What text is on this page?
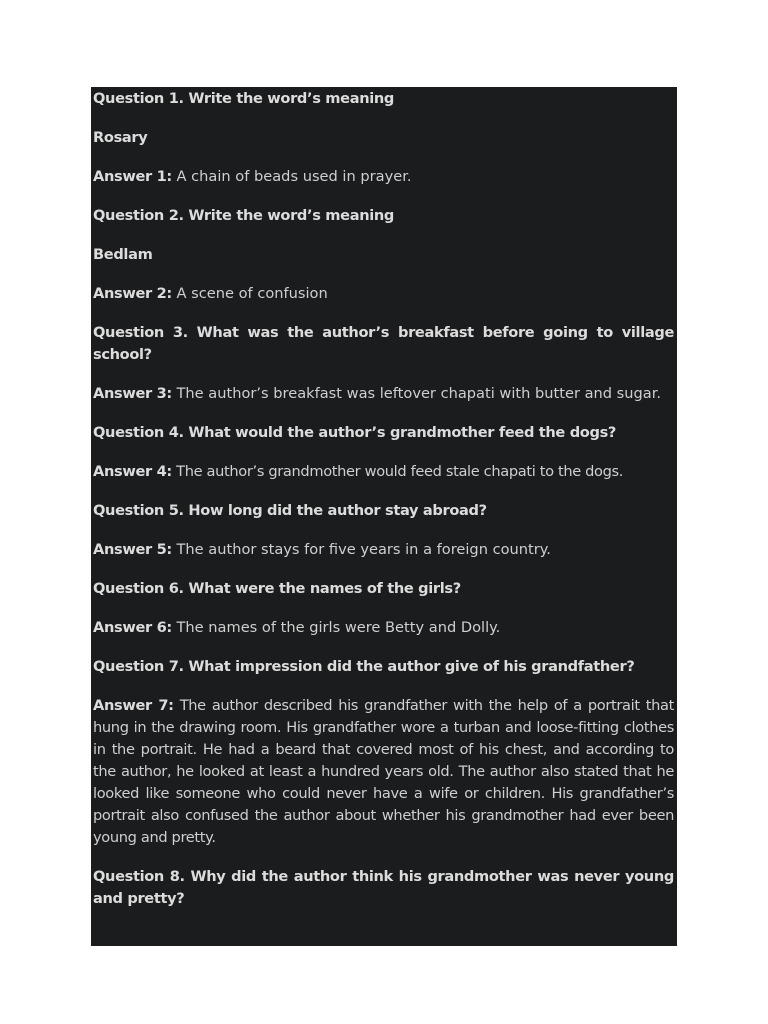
Question 1. Write the word’s meaning

Rosary

Answer 1: A chain of beads used in prayer.

Question 2. Write the word’s meaning

Bedlam

Answer 2: A scene of confusion

Question 3. What was the author’s breakfast before going to village school?

Answer 3: The author’s breakfast was leftover chapati with butter and sugar.

Question 4. What would the author’s grandmother feed the dogs?

Answer 4: The author’s grandmother would feed stale chapati to the dogs.

Question 5. How long did the author stay abroad?

Answer 5: The author stays for five years in a foreign country.

Question 6. What were the names of the girls?

Answer 6: The names of the girls were Betty and Dolly.

Question 7. What impression did the author give of his grandfather?

Answer 7: The author described his grandfather with the help of a portrait that hung in the drawing room. His grandfather wore a turban and loose-fitting clothes in the portrait. He had a beard that covered most of his chest, and according to the author, he looked at least a hundred years old. The author also stated that he looked like someone who could never have a wife or children. His grandfather’s portrait also confused the author about whether his grandmother had ever been young and pretty.

Question 8. Why did the author think his grandmother was never young and pretty?
